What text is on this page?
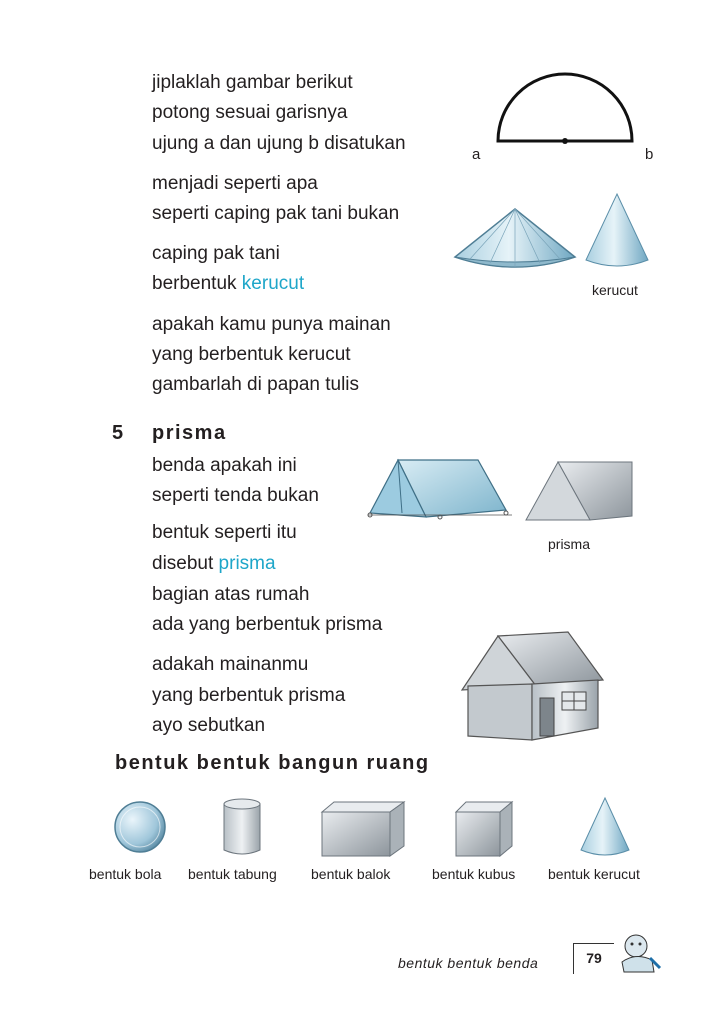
jiplaklah gambar berikut
potong sesuai garisnya
ujung a dan ujung b disatukan
menjadi seperti apa
seperti caping pak tani bukan
caping pak tani
berbentuk kerucut
apakah kamu punya mainan
yang berbentuk kerucut
gambarlah di papan tulis
a	b
kerucut
5 prisma
benda apakah ini
seperti tenda bukan
bentuk seperti itu
disebut prisma
bagian atas rumah
ada yang berbentuk prisma
adakah mainanmu
yang berbentuk prisma
ayo sebutkan
prisma
bentuk bentuk bangun ruang
bentuk bola bentuk tabung bentuk balok	bentuk kubus bentuk kerucut
bentuk bentuk benda	79
